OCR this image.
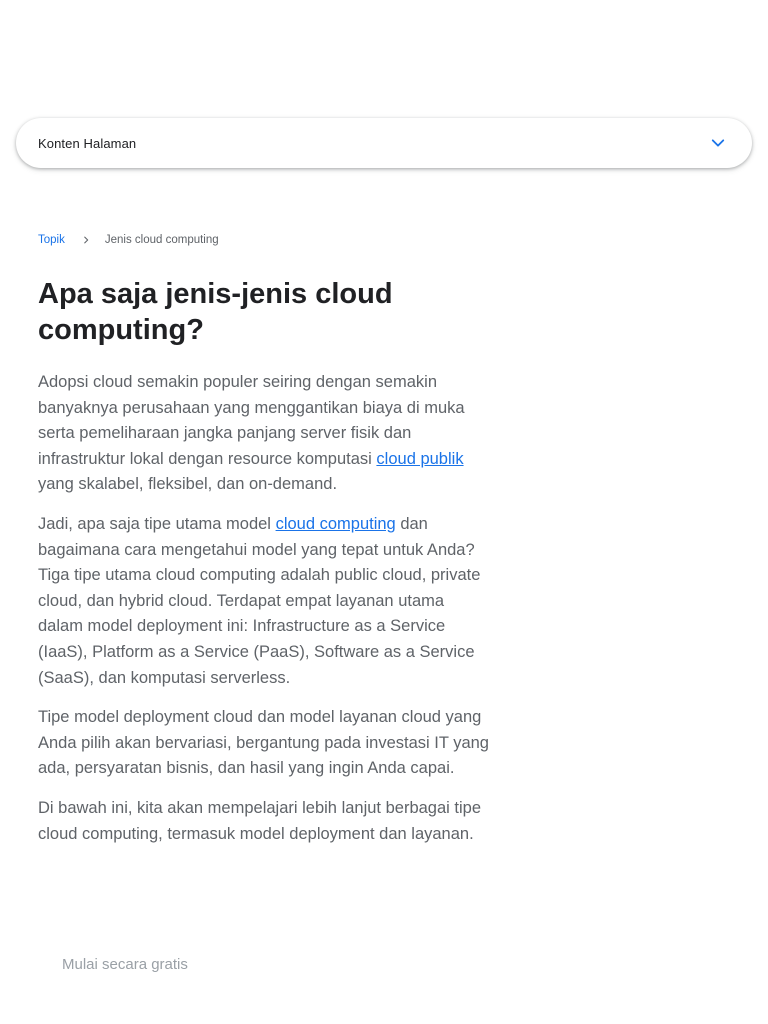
Konten Halaman
Topik	Jenis cloud computing
Apa saja jenis-jenis cloud computing?

Adopsi cloud semakin populer seiring dengan semakin banyaknya perusahaan yang menggantikan biaya di muka serta pemeliharaan jangka panjang server fisik dan infrastruktur lokal dengan resource komputasi cloud publik yang skalabel, fleksibel, dan on-demand.

Jadi, apa saja tipe utama model cloud computing dan bagaimana cara mengetahui model yang tepat untuk Anda? Tiga tipe utama cloud computing adalah public cloud, private cloud, dan hybrid cloud. Terdapat empat layanan utama dalam model deployment ini: Infrastructure as a Service (IaaS), Platform as a Service (PaaS), Software as a Service (SaaS), dan komputasi serverless.

Tipe model deployment cloud dan model layanan cloud yang Anda pilih akan bervariasi, bergantung pada investasi IT yang ada, persyaratan bisnis, dan hasil yang ingin Anda capai.

Di bawah ini, kita akan mempelajari lebih lanjut berbagai tipe cloud computing, termasuk model deployment dan layanan.

Mulai secara gratis
